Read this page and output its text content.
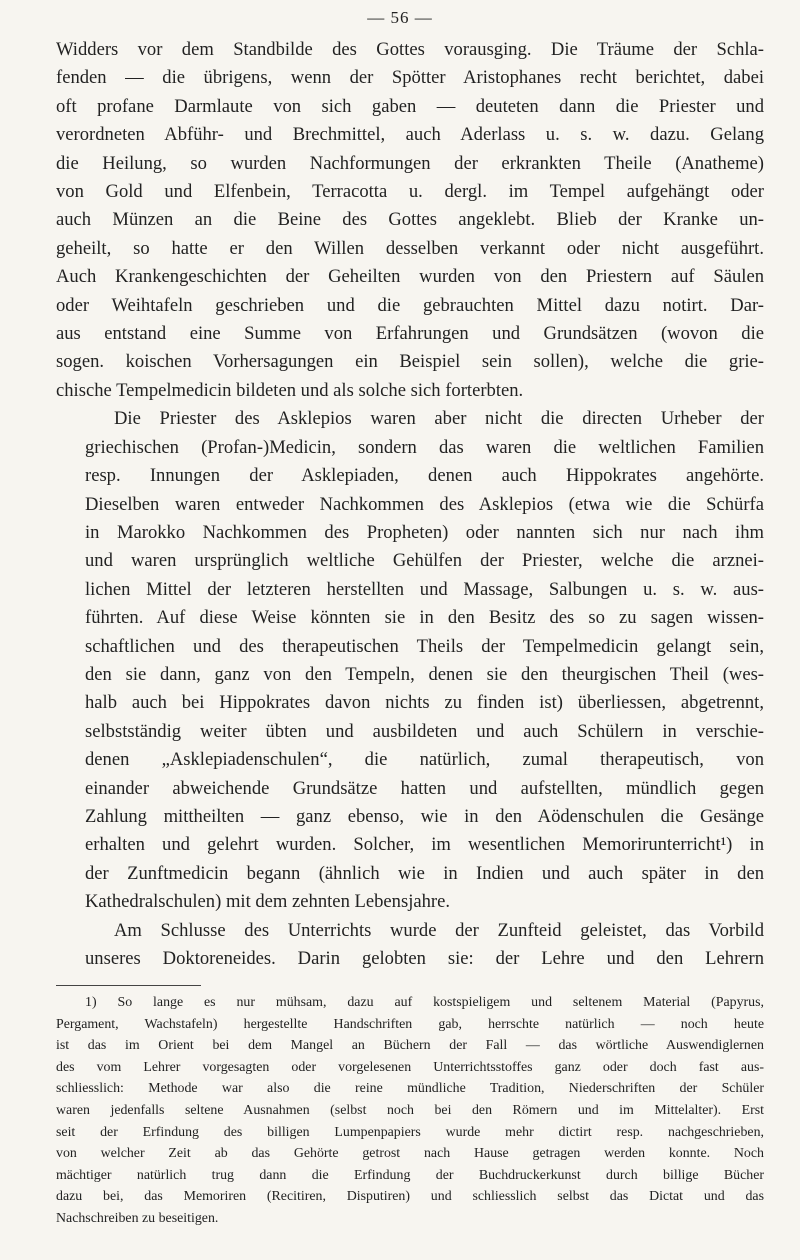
— 56 —

Widders vor dem Standbilde des Gottes vorausging. Die Träume der Schla-
fenden — die übrigens, wenn der Spötter Aristophanes recht berichtet, dabei
oft profane Darmlaute von sich gaben — deuteten dann die Priester und
verordneten Abführ- und Brechmittel, auch Aderlass u. s. w. dazu. Gelang
die Heilung, so wurden Nachformungen der erkrankten Theile (Anatheme)
von Gold und Elfenbein, Terracotta u. dergl. im Tempel aufgehängt oder
auch Münzen an die Beine des Gottes angeklebt. Blieb der Kranke un-
geheilt, so hatte er den Willen desselben verkannt oder nicht ausgeführt.
Auch Krankengeschichten der Geheilten wurden von den Priestern auf Säulen
oder Weihtafeln geschrieben und die gebrauchten Mittel dazu notirt. Dar-
aus entstand eine Summe von Erfahrungen und Grundsätzen (wovon die
sogen. koischen Vorhersagungen ein Beispiel sein sollen), welche die grie-
chische Tempelmedicin bildeten und als solche sich forterbten.

Die Priester des Asklepios waren aber nicht die directen Urheber der
griechischen (Profan-)Medicin, sondern das waren die weltlichen Familien
resp. Innungen der Asklepiaden, denen auch Hippokrates angehörte.
Dieselben waren entweder Nachkommen des Asklepios (etwa wie die Schürfa
in Marokko Nachkommen des Propheten) oder nannten sich nur nach ihm
und waren ursprünglich weltliche Gehülfen der Priester, welche die arznei-
lichen Mittel der letzteren herstellten und Massage, Salbungen u. s. w. aus-
führten. Auf diese Weise könnten sie in den Besitz des so zu sagen wissen-
schaftlichen und des therapeutischen Theils der Tempelmedicin gelangt sein,
den sie dann, ganz von den Tempeln, denen sie den theurgischen Theil (wes-
halb auch bei Hippokrates davon nichts zu finden ist) überliessen, abgetrennt,
selbstständig weiter übten und ausbildeten und auch Schülern in verschie-
denen „Asklepiadenschulen“, die natürlich, zumal therapeutisch, von
einander abweichende Grundsätze hatten und aufstellten, mündlich gegen
Zahlung mittheilten — ganz ebenso, wie in den Aödenschulen die Gesänge
erhalten und gelehrt wurden. Solcher, im wesentlichen Memorirunterricht¹) in
der Zunftmedicin begann (ähnlich wie in Indien und auch später in den
Kathedralschulen) mit dem zehnten Lebensjahre.

Am Schlusse des Unterrichts wurde der Zunfteid geleistet, das Vorbild
unseres Doktoreneides. Darin gelobten sie: der Lehre und den Lehrern

1) So lange es nur mühsam, dazu auf kostspieligem und seltenem Material (Papyrus,
Pergament, Wachstafeln) hergestellte Handschriften gab, herrschte natürlich — noch heute
ist das im Orient bei dem Mangel an Büchern der Fall — das wörtliche Auswendiglernen
des vom Lehrer vorgesagten oder vorgelesenen Unterrichtsstoffes ganz oder doch fast aus-
schliesslich: Methode war also die reine mündliche Tradition, Niederschriften der Schüler
waren jedenfalls seltene Ausnahmen (selbst noch bei den Römern und im Mittelalter). Erst
seit der Erfindung des billigen Lumpenpapiers wurde mehr dictirt resp. nachgeschrieben,
von welcher Zeit ab das Gehörte getrost nach Hause getragen werden konnte. Noch
mächtiger natürlich trug dann die Erfindung der Buchdruckerkunst durch billige Bücher
dazu bei, das Memoriren (Recitiren, Disputiren) und schliesslich selbst das Dictat und das
Nachschreiben zu beseitigen.
